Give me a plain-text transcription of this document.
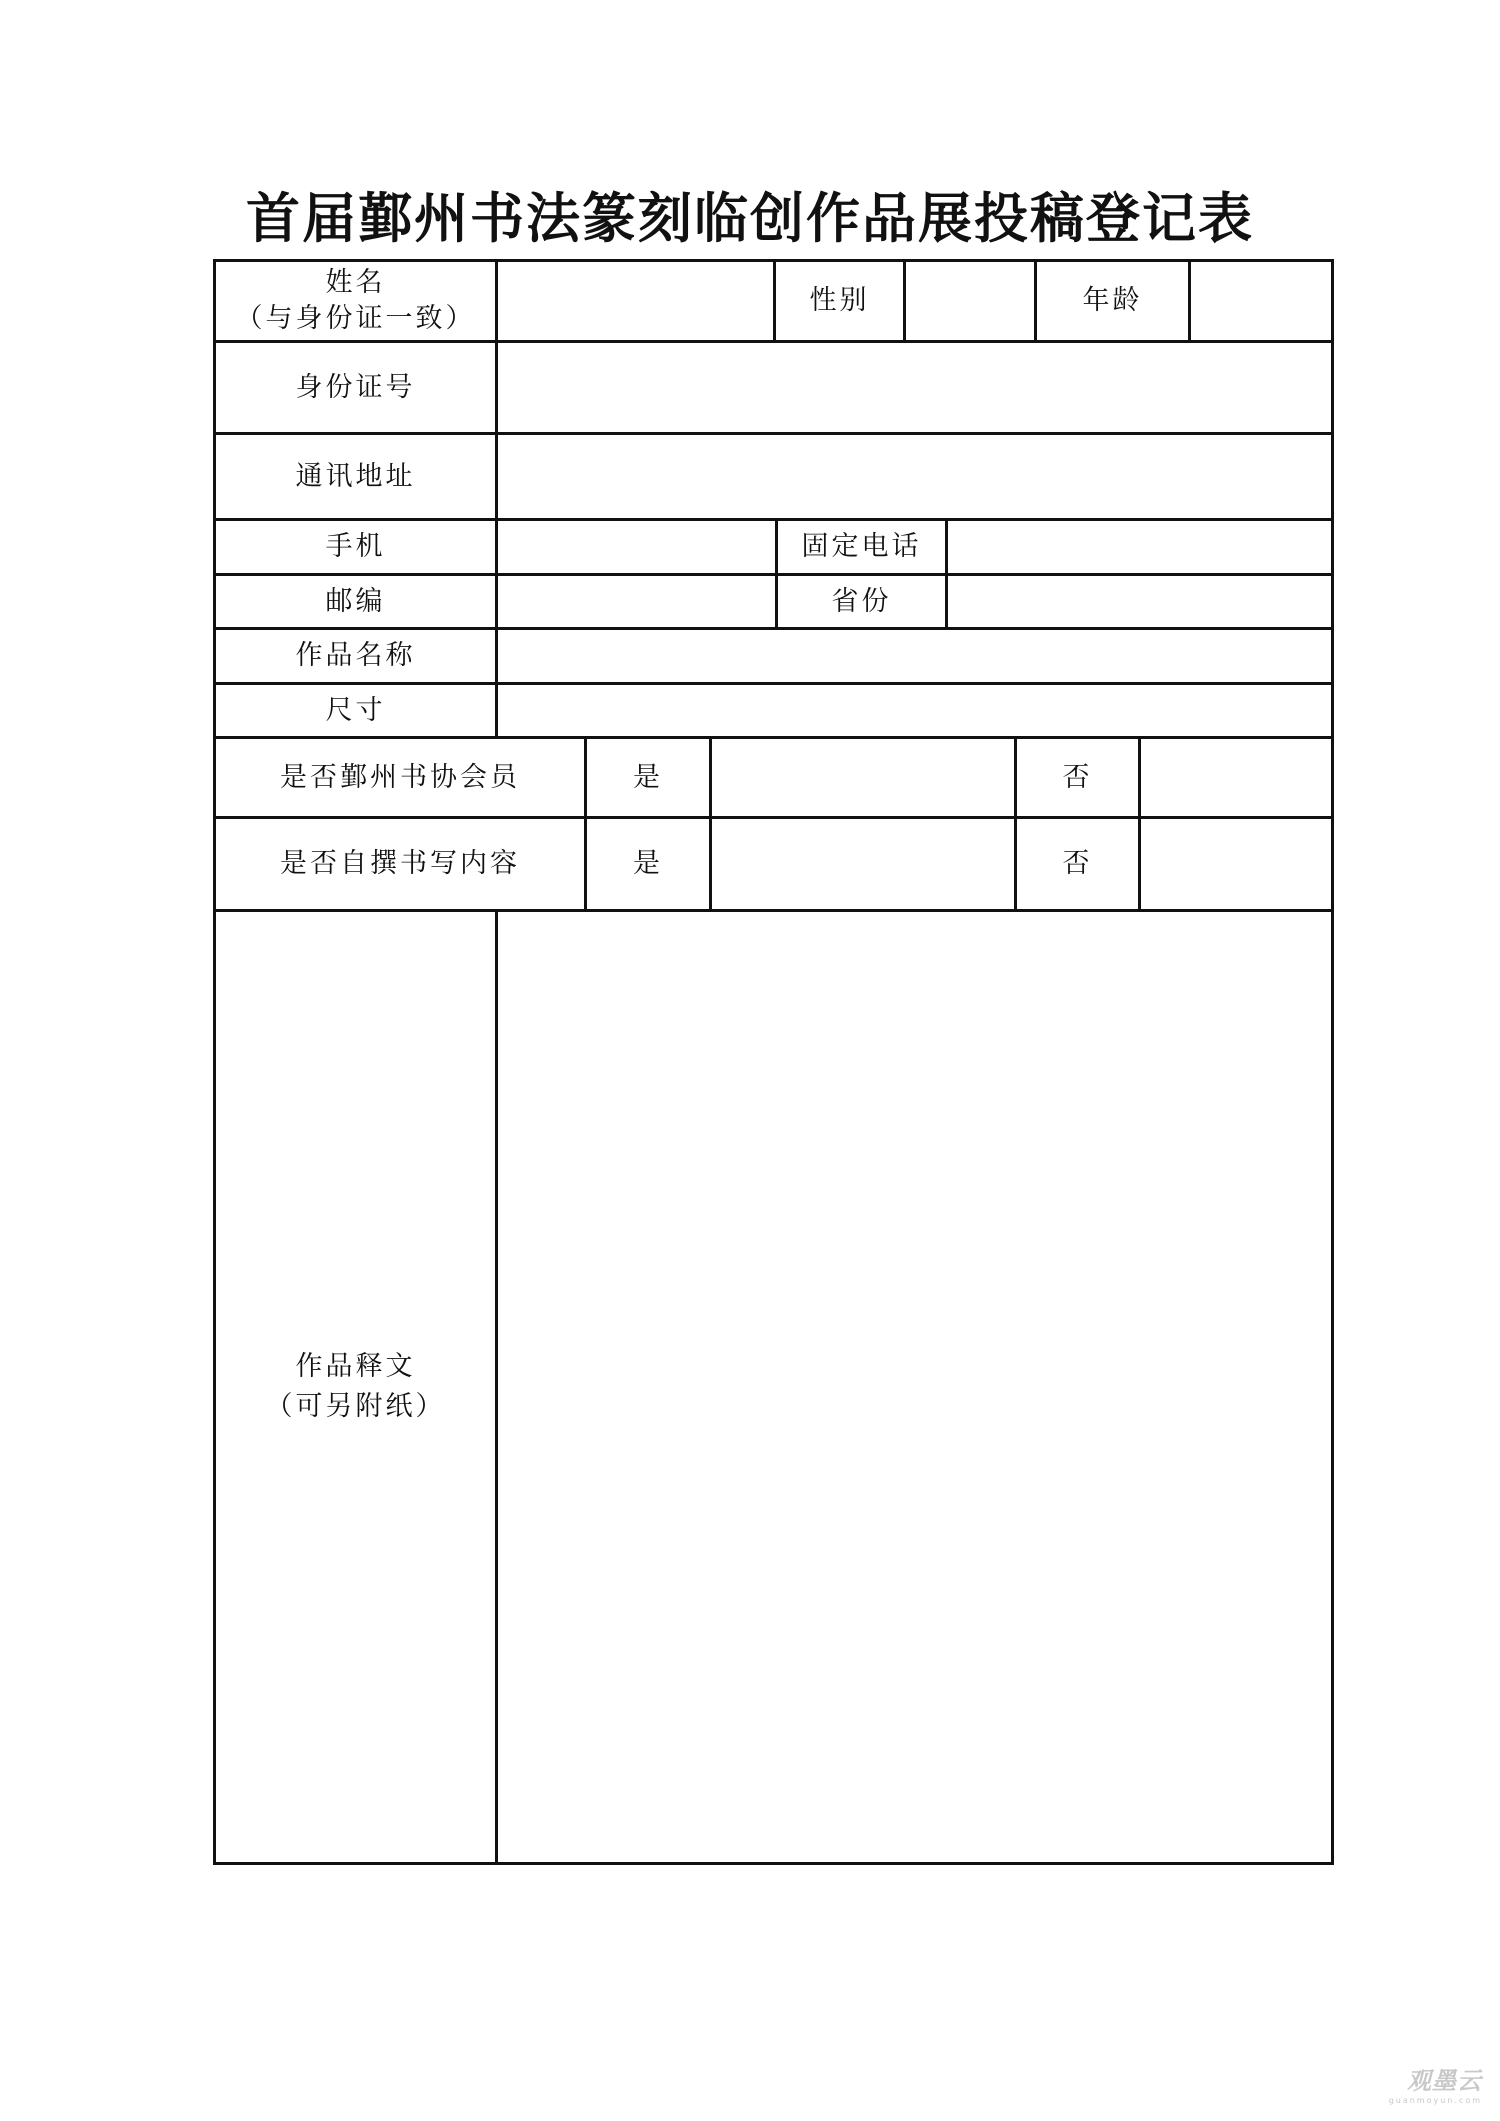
首届鄞州书法篆刻临创作品展投稿登记表
姓名
（与身份证一致）
性别	年龄
身份证号
通讯地址
手机	固定电话
邮编	省份
作品名称
尺寸
是否鄞州书协会员	是	否
是否自撰书写内容	是	否
作品释文
（可另附纸）
观墨云
guanmoyun.com
